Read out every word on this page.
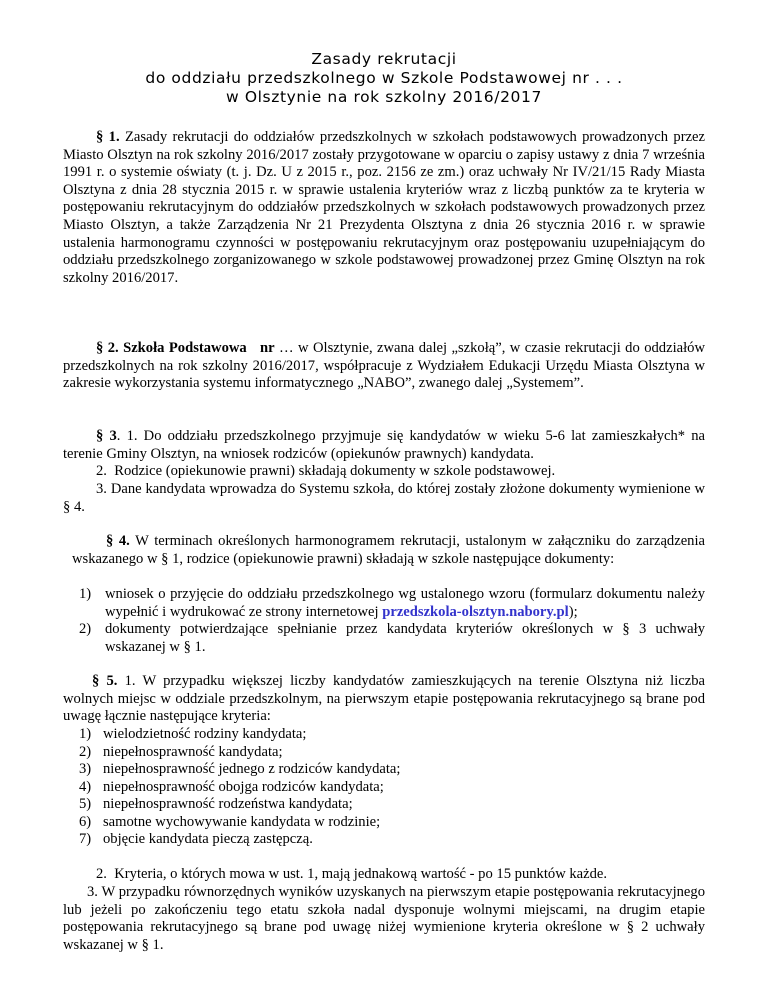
Zasady rekrutacji
do oddziału przedszkolnego w Szkole Podstawowej nr . . .
w Olsztynie na rok szkolny 2016/2017
§ 1. Zasady rekrutacji do oddziałów przedszkolnych w szkołach podstawowych prowadzonych przez Miasto Olsztyn na rok szkolny 2016/2017 zostały przygotowane w oparciu o zapisy ustawy z dnia 7 września 1991 r. o systemie oświaty (t. j. Dz. U z 2015 r., poz. 2156 ze zm.) oraz uchwały Nr IV/21/15 Rady Miasta Olsztyna z dnia 28 stycznia 2015 r. w sprawie ustalenia kryteriów wraz z liczbą punktów za te kryteria w postępowaniu rekrutacyjnym do oddziałów przedszkolnych w szkołach podstawowych prowadzonych przez Miasto Olsztyn, a także Zarządzenia Nr 21 Prezydenta Olsztyna z dnia 26 stycznia 2016 r. w sprawie ustalenia harmonogramu czynności w postępowaniu rekrutacyjnym oraz postępowaniu uzupełniającym do oddziału przedszkolnego zorganizowanego w szkole podstawowej prowadzonej przez Gminę Olsztyn na rok szkolny 2016/2017.
§ 2. Szkoła Podstawowa nr … w Olsztynie, zwana dalej „szkołą”, w czasie rekrutacji do oddziałów przedszkolnych na rok szkolny 2016/2017, współpracuje z Wydziałem Edukacji Urzędu Miasta Olsztyna w zakresie wykorzystania systemu informatycznego „NABO”, zwanego dalej „Systemem”.
§ 3. 1. Do oddziału przedszkolnego przyjmuje się kandydatów w wieku 5-6 lat zamieszkałych* na terenie Gminy Olsztyn, na wniosek rodziców (opiekunów prawnych) kandydata.
2.  Rodzice (opiekunowie prawni) składają dokumenty w szkole podstawowej.
3. Dane kandydata wprowadza do Systemu szkoła, do której zostały złożone dokumenty wymienione w § 4.
§ 4. W terminach określonych harmonogramem rekrutacji, ustalonym w załączniku do zarządzenia wskazanego w § 1, rodzice (opiekunowie prawni) składają w szkole następujące dokumenty:
1) wniosek o przyjęcie do oddziału przedszkolnego wg ustalonego wzoru (formularz dokumentu należy wypełnić i wydrukować ze strony internetowej przedszkola-olsztyn.nabory.pl);
2) dokumenty potwierdzające spełnianie przez kandydata kryteriów określonych w § 3 uchwały wskazanej w § 1.
§ 5. 1. W przypadku większej liczby kandydatów zamieszkujących na terenie Olsztyna niż liczba wolnych miejsc w oddziale przedszkolnym, na pierwszym etapie postępowania rekrutacyjnego są brane pod uwagę łącznie następujące kryteria:
1) wielodzietność rodziny kandydata;
2) niepełnosprawność kandydata;
3) niepełnosprawność jednego z rodziców kandydata;
4) niepełnosprawność obojga rodziców kandydata;
5) niepełnosprawność rodzeństwa kandydata;
6) samotne wychowywanie kandydata w rodzinie;
7) objęcie kandydata pieczą zastępczą.
2.  Kryteria, o których mowa w ust. 1, mają jednakową wartość - po 15 punktów każde.
3. W przypadku równorzędnych wyników uzyskanych na pierwszym etapie postępowania rekrutacyjnego lub jeżeli po zakończeniu tego etatu szkoła nadal dysponuje wolnymi miejscami, na drugim etapie postępowania rekrutacyjnego są brane pod uwagę niżej wymienione kryteria określone w § 2 uchwały wskazanej w § 1.
